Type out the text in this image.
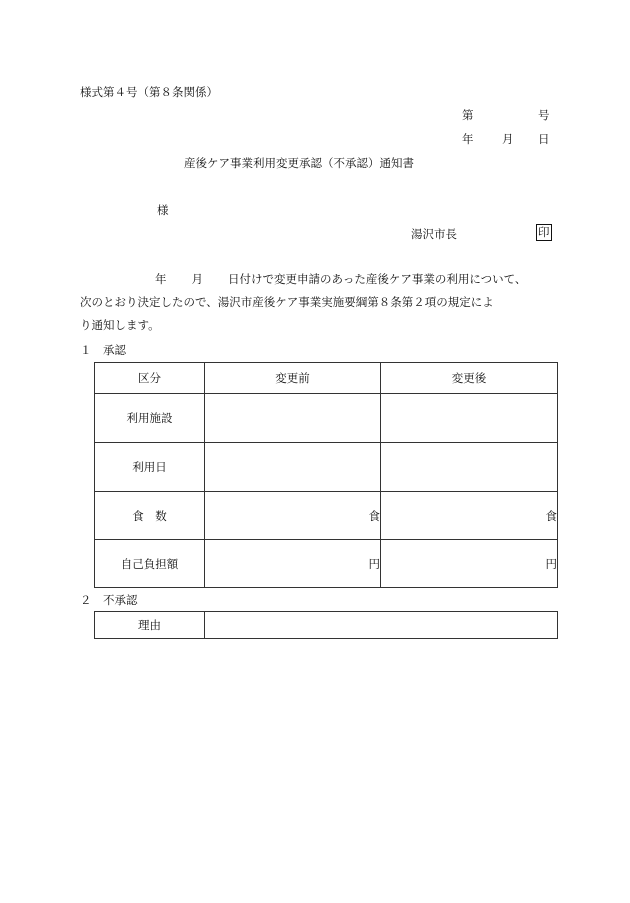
様式第４号（第８条関係）
第	号
年 月 日
産後ケア事業利用変更承認（不承認）通知書
様
湯沢市長	印
年 月 日付けで変更申請のあった産後ケア事業の利用について、
次のとおり決定したので、湯沢市産後ケア事業実施要綱第８条第２項の規定によ
り通知します。
１　承認
区分	変更前	変更後
利用施設		
利用日		
食　数	食	食
自己負担額	円	円
２　不承認
理由	
